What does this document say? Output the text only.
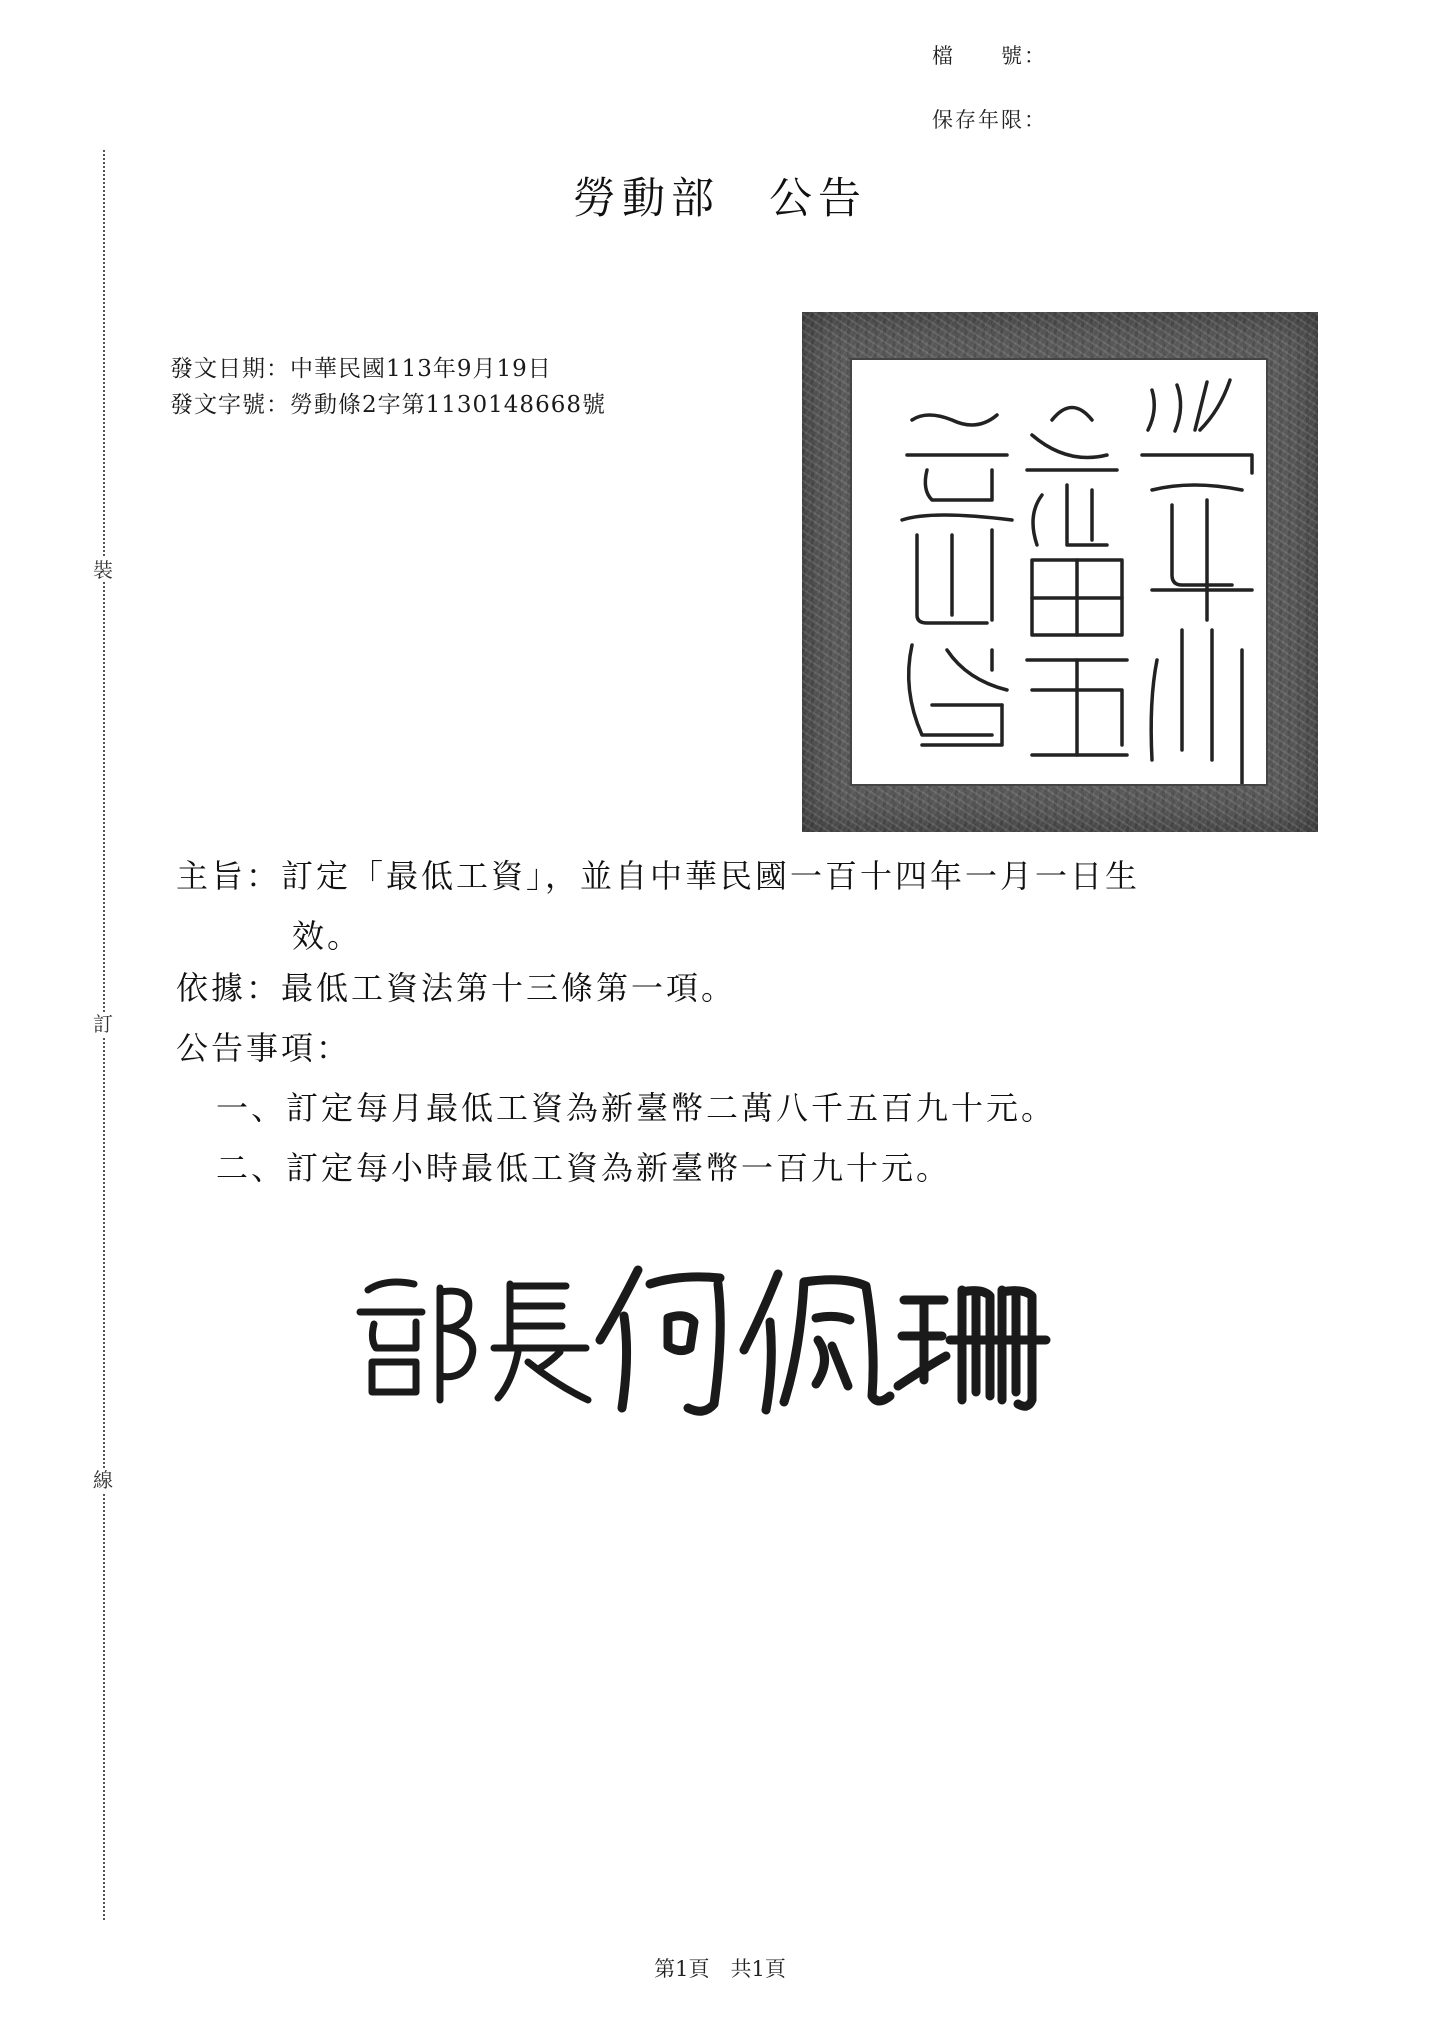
裝
訂
線
檔　　號：
保存年限：
勞動部　公告
發文日期：中華民國113年9月19日
發文字號：勞動條2字第1130148668號
主旨：訂定「最低工資」，並自中華民國一百十四年一月一日生
效。
依據：最低工資法第十三條第一項。
公告事項：
一、訂定每月最低工資為新臺幣二萬八千五百九十元。
二、訂定每小時最低工資為新臺幣一百九十元。
第1頁　共1頁
